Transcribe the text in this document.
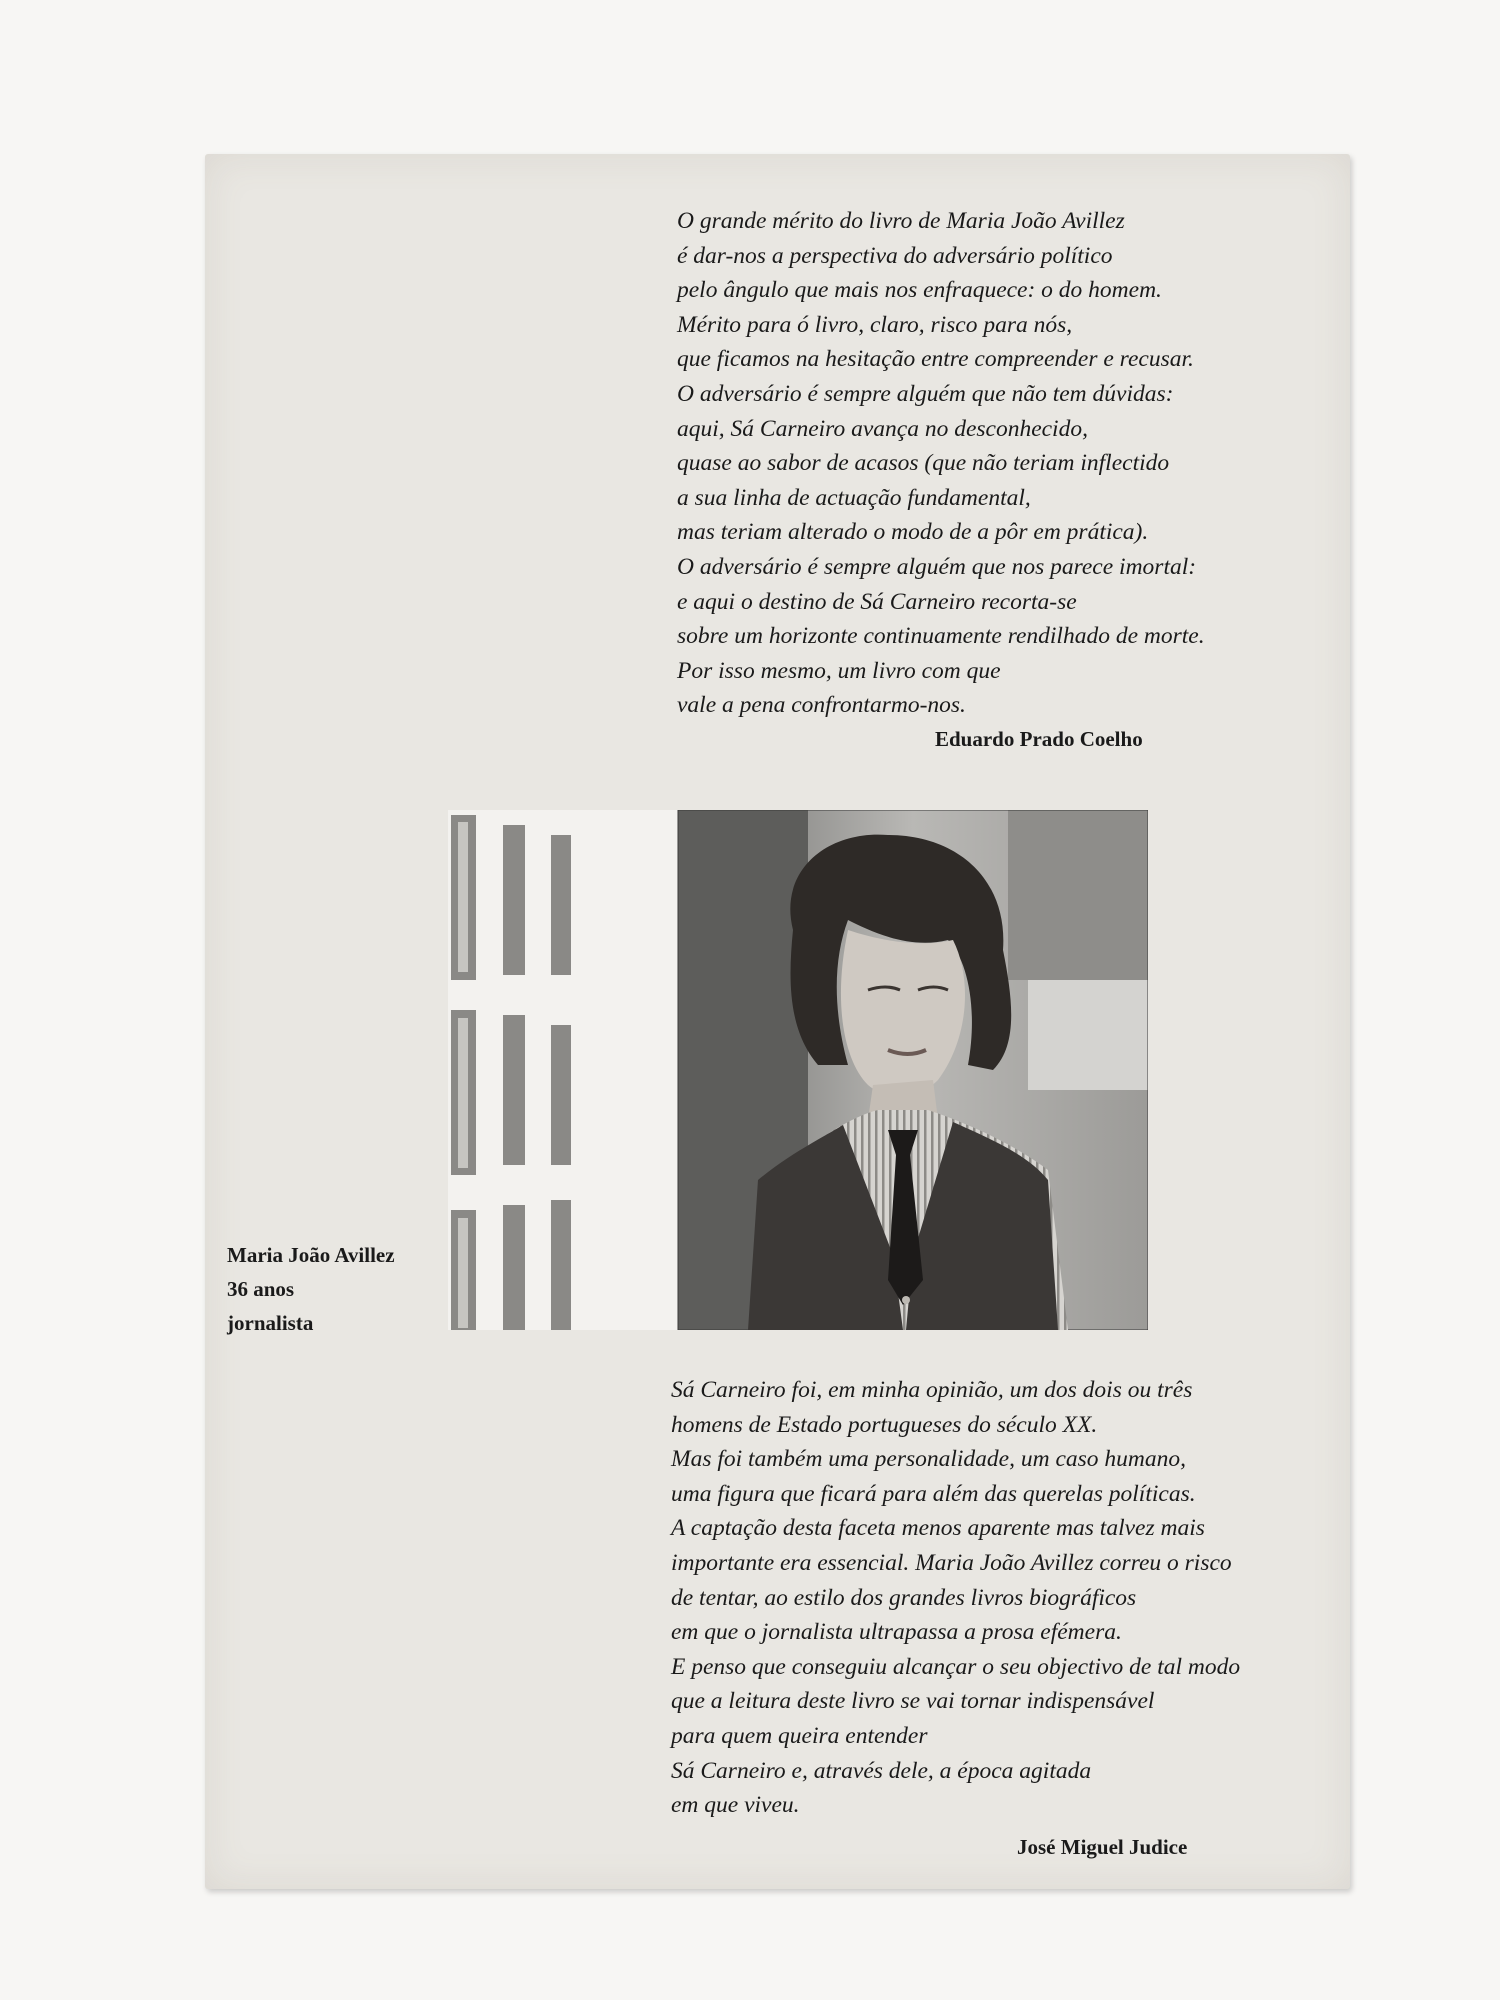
O grande mérito do livro de Maria João Avillez
é dar-nos a perspectiva do adversário político
pelo ângulo que mais nos enfraquece: o do homem.
Mérito para ó livro, claro, risco para nós,
que ficamos na hesitação entre compreender e recusar.
O adversário é sempre alguém que não tem dúvidas:
aqui, Sá Carneiro avança no desconhecido,
quase ao sabor de acasos (que não teriam inflectido
a sua linha de actuação fundamental,
mas teriam alterado o modo de a pôr em prática).
O adversário é sempre alguém que nos parece imortal:
e aqui o destino de Sá Carneiro recorta-se
sobre um horizonte continuamente rendilhado de morte.
Por isso mesmo, um livro com que
vale a pena confrontarmo-nos.
Eduardo Prado Coelho
Maria João Avillez
36 anos
jornalista
Sá Carneiro foi, em minha opinião, um dos dois ou três
homens de Estado portugueses do século XX.
Mas foi também uma personalidade, um caso humano,
uma figura que ficará para além das querelas políticas.
A captação desta faceta menos aparente mas talvez mais
importante era essencial. Maria João Avillez correu o risco
de tentar, ao estilo dos grandes livros biográficos
em que o jornalista ultrapassa a prosa efémera.
E penso que conseguiu alcançar o seu objectivo de tal modo
que a leitura deste livro se vai tornar indispensável
para quem queira entender
Sá Carneiro e, através dele, a época agitada
em que viveu.
José Miguel Judice
